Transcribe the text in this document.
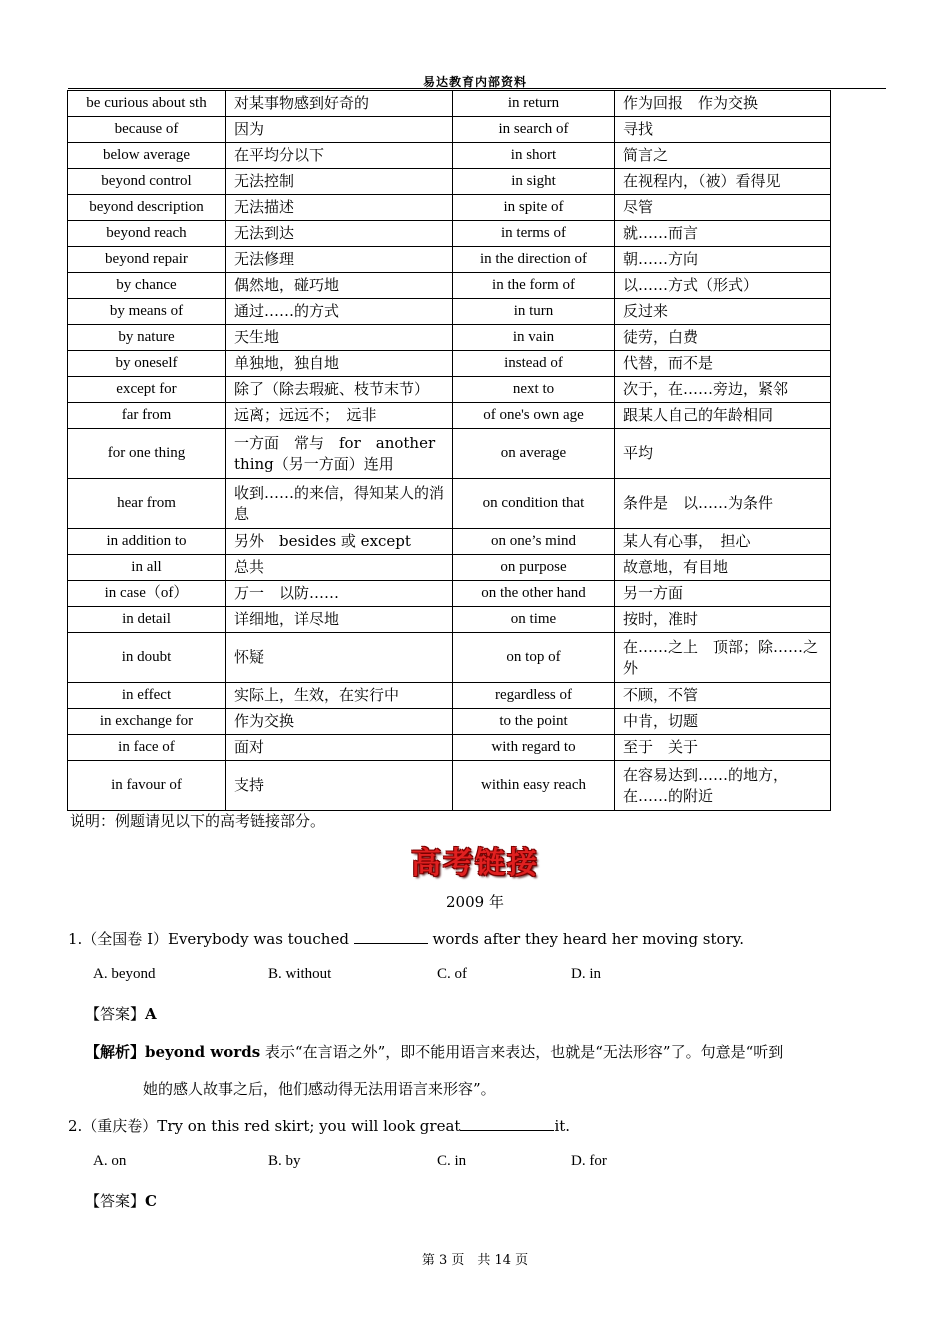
易达教育内部资料
be curious about sth	对某事物感到好奇的	in return	作为回报　作为交换
because of	因为	in search of	寻找
below average	在平均分以下	in short	简言之
beyond control	无法控制	in sight	在视程内，（被）看得见
beyond description	无法描述	in spite of	尽管
beyond reach	无法到达	in terms of	就……而言
beyond repair	无法修理	in the direction of	朝……方向
by chance	偶然地，碰巧地	in the form of	以……方式（形式）
by means of	通过……的方式	in turn	反过来
by nature	天生地	in vain	徒劳，白费
by oneself	单独地，独自地	instead of	代替，而不是
except for	除了（除去瑕疵、枝节末节）	next to	次于，在……旁边，紧邻
far from	远离；远远不；　远非	of one's own age	跟某人自己的年龄相同
for one thing	一方面　常与　for　another thing（另一方面）连用	on average	平均
hear from	收到……的来信，得知某人的消息	on condition that	条件是　以……为条件
in addition to	另外　besides 或 except	on one’s mind	某人有心事，　担心
in all	总共	on purpose	故意地，有目地
in case（of）	万一　以防……	on the other hand	另一方面
in detail	详细地，详尽地	on time	按时，准时
in doubt	怀疑	on top of	在……之上　顶部；除……之外
in effect	实际上，生效，在实行中	regardless of	不顾，不管
in exchange for	作为交换	to the point	中肯，切题
in face of	面对	with regard to	至于　关于
in favour of	支持	within easy reach	在容易达到……的地方，在……的附近
说明：例题请见以下的高考链接部分。
高考链接
2009 年
1.（全国卷 I）Everybody was touched	words after they heard her moving story.
A. beyond	B. without	C. of	D. in
【答案】A
【解析】beyond words 表示“在言语之外”，即不能用语言来表达，也就是“无法形容”了。句意是“听到
她的感人故事之后，他们感动得无法用语言来形容”。
2.（重庆卷）Try on this red skirt; you will look great	it.
A. on	B. by	C. in	D. for
【答案】C
第 3 页　共 14 页
